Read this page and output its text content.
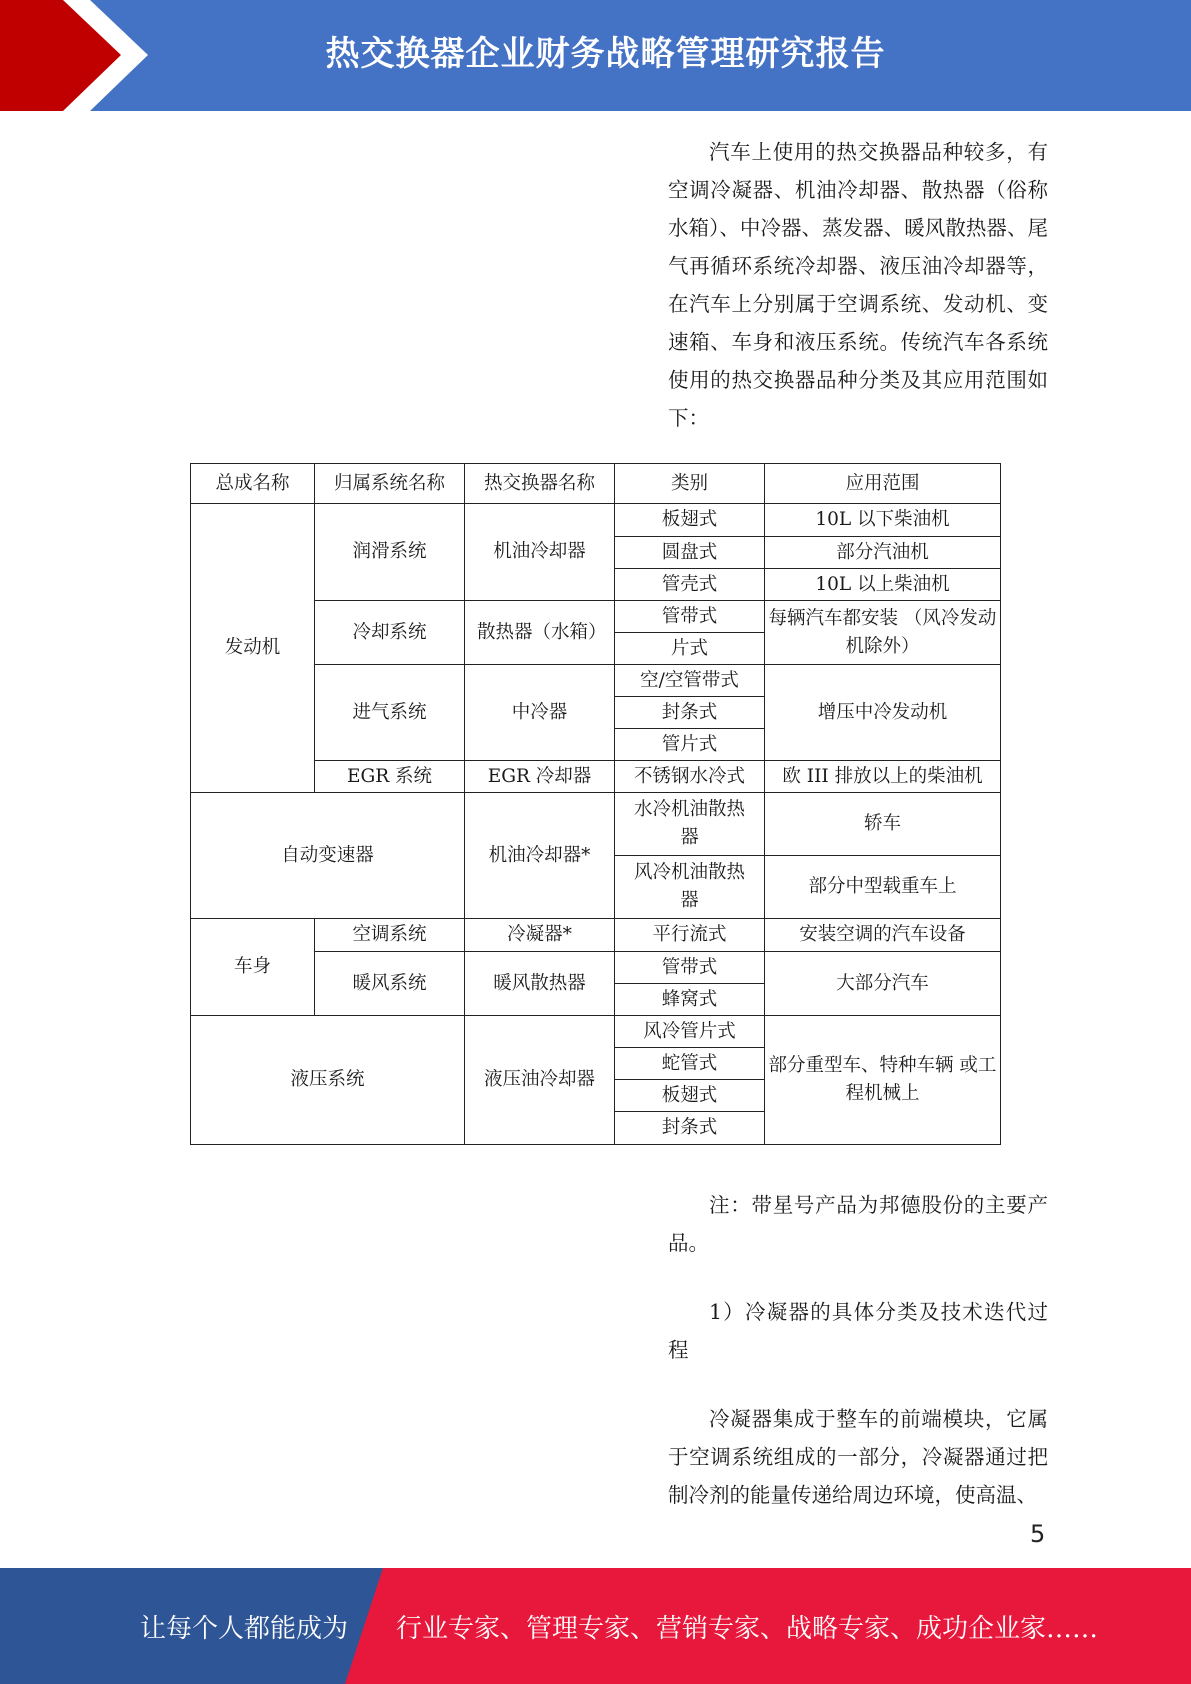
热交换器企业财务战略管理研究报告

汽车上使用的热交换器品种较多，有空调冷凝器、机油冷却器、散热器（俗称水箱）、中冷器、蒸发器、暖风散热器、尾气再循环系统冷却器、液压油冷却器等，在汽车上分别属于空调系统、发动机、变速箱、车身和液压系统。传统汽车各系统使用的热交换器品种分类及其应用范围如下：

总成名称	归属系统名称	热交换器名称	类别	应用范围
发动机	润滑系统	机油冷却器	板翅式	10L 以下柴油机
			圆盘式	部分汽油机
			管壳式	10L 以上柴油机
	冷却系统	散热器（水箱）	管带式	每辆汽车都安装 （风冷发动机除外）
			片式	
	进气系统	中冷器	空/空管带式	增压中冷发动机
			封条式	
			管片式	
	EGR 系统	EGR 冷却器	不锈钢水冷式	欧 III 排放以上的柴油机
自动变速器		机油冷却器*	水冷机油散热器	轿车
			风冷机油散热器	部分中型载重车上
车身	空调系统	冷凝器*	平行流式	安装空调的汽车设备
	暖风系统	暖风散热器	管带式	大部分汽车
			蜂窝式	
液压系统		液压油冷却器	风冷管片式	部分重型车、特种车辆 或工程机械上
			蛇管式	
			板翅式	
			封条式	

注：带星号产品为邦德股份的主要产品。

1）冷凝器的具体分类及技术迭代过程

冷凝器集成于整车的前端模块，它属于空调系统组成的一部分，冷凝器通过把制冷剂的能量传递给周边环境，使高温、

5
让每个人都能成为 行业专家、管理专家、营销专家、战略专家、成功企业家……
